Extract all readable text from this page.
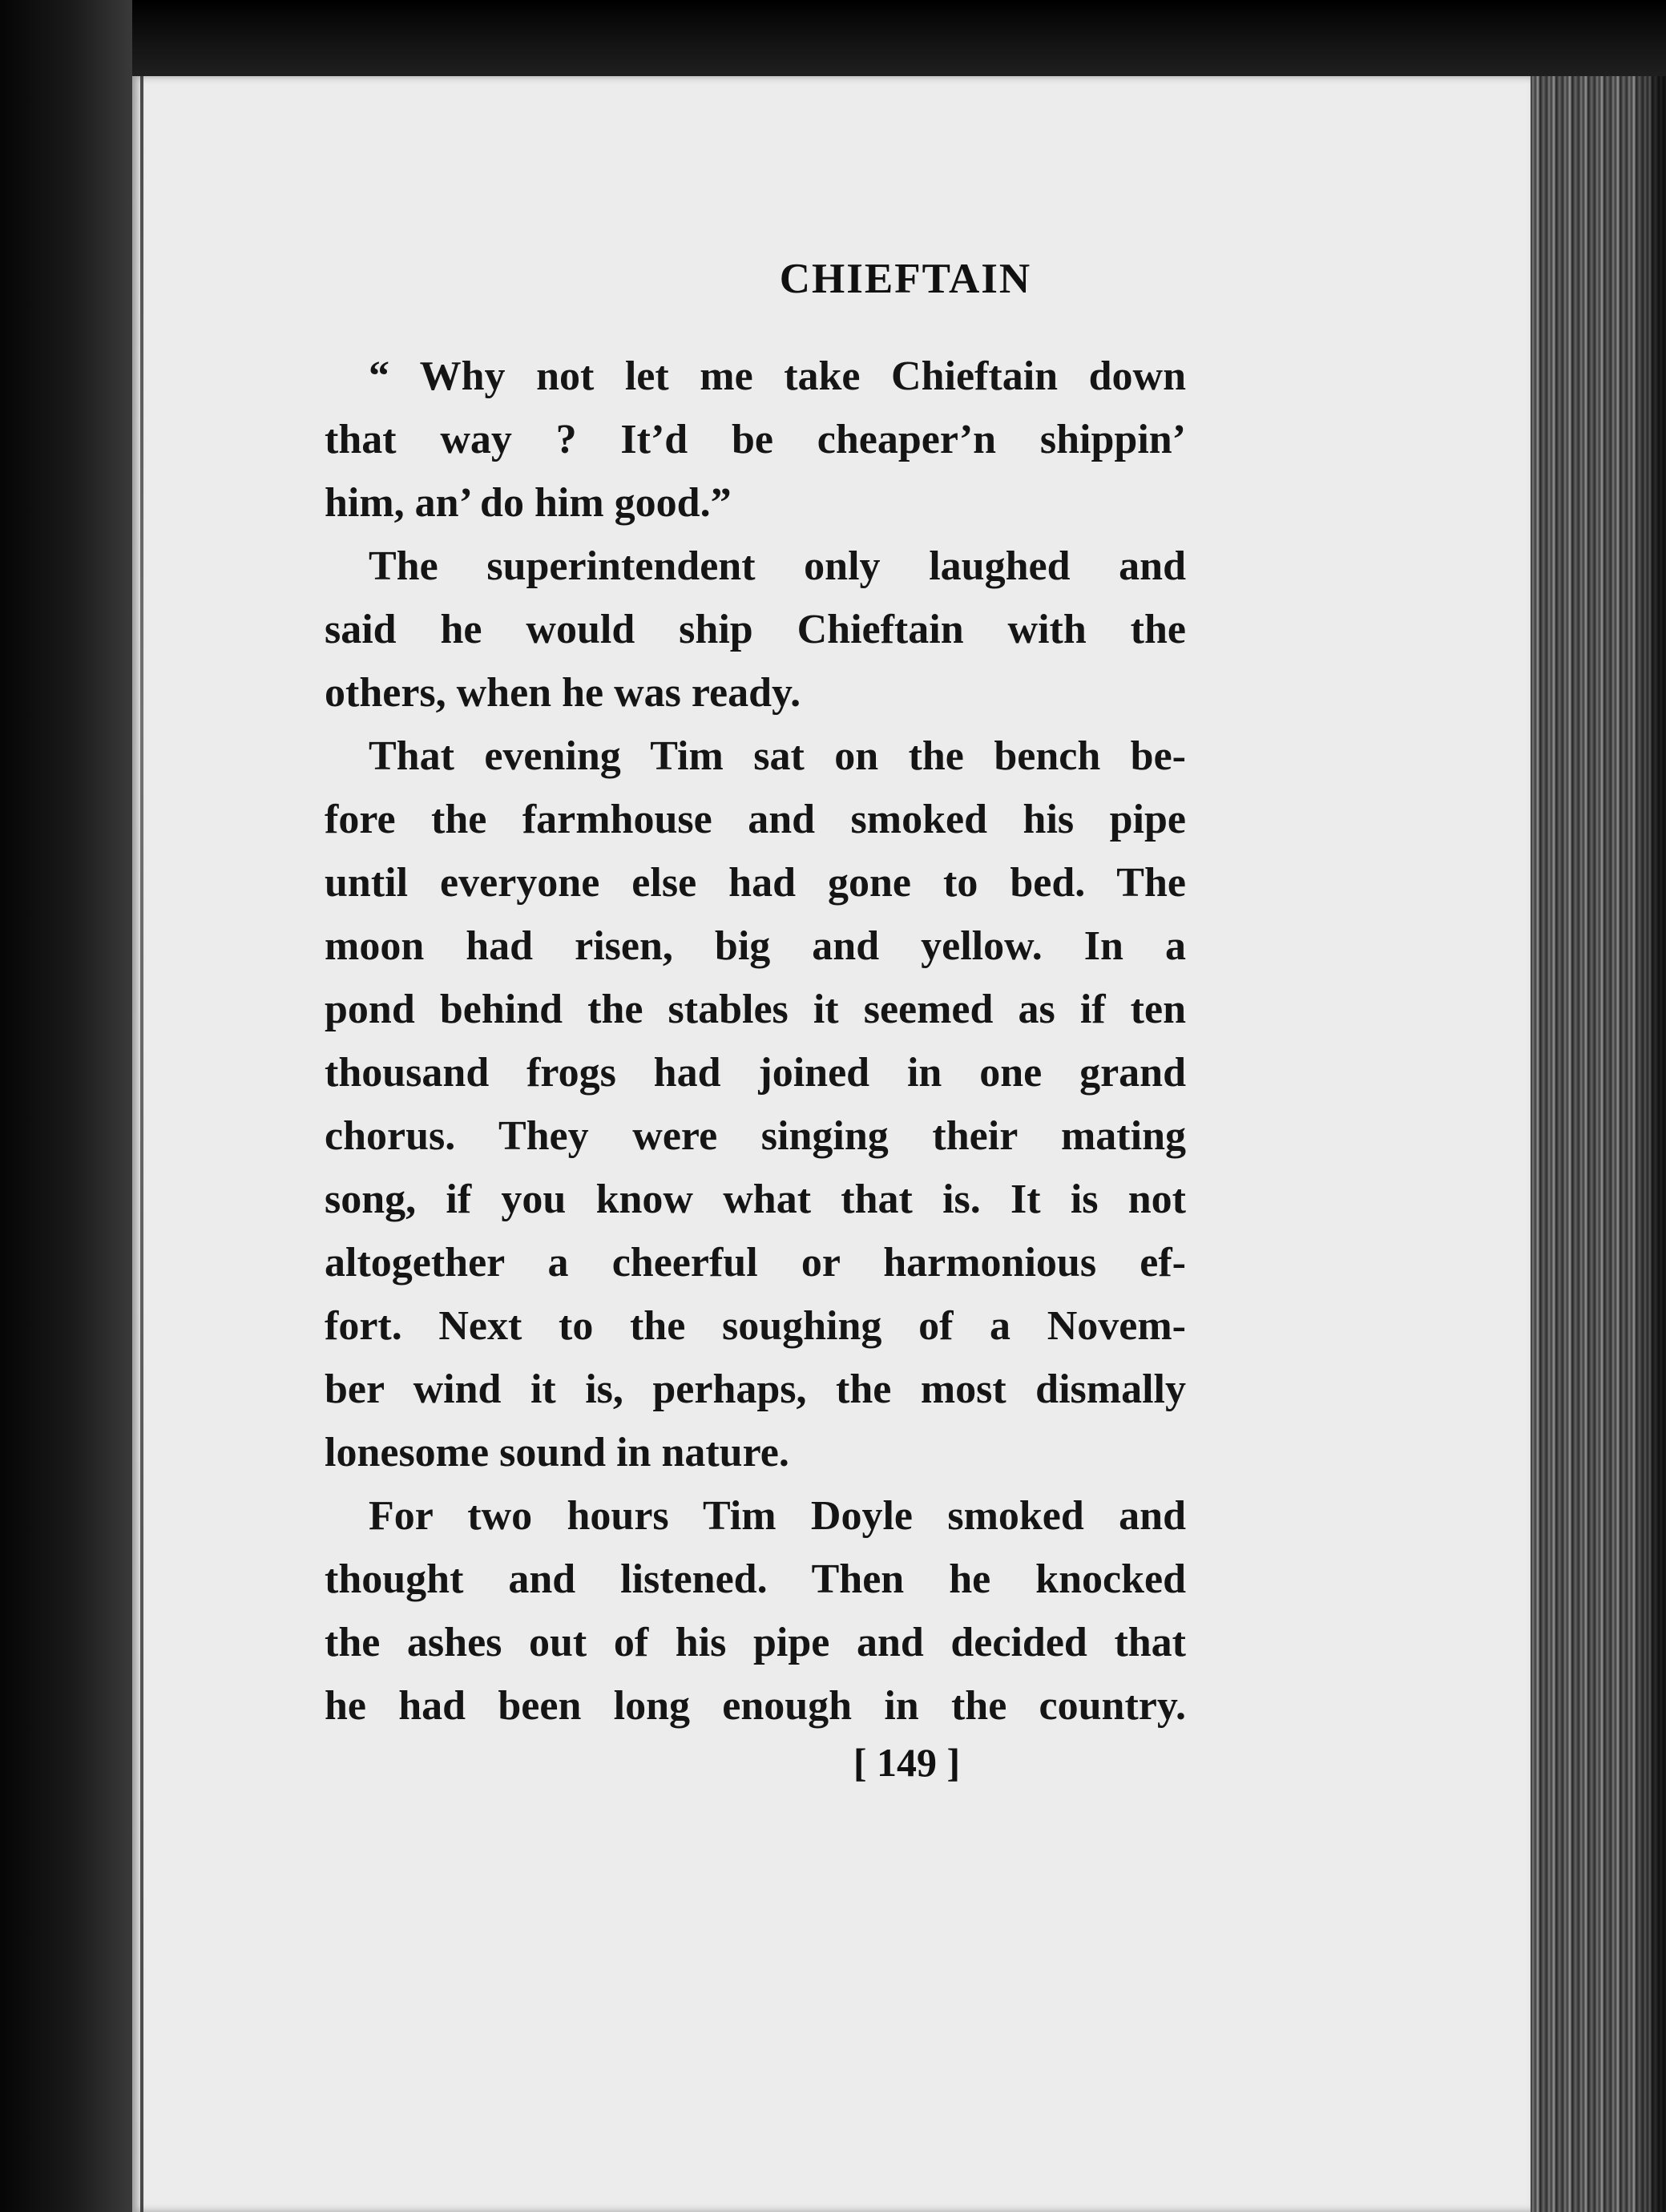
CHIEFTAIN
“ Why not let me take Chieftain down
that way ? It’d be cheaper’n shippin’
him, an’ do him good.”
The superintendent only laughed and
said he would ship Chieftain with the
others, when he was ready.
That evening Tim sat on the bench be-
fore the farmhouse and smoked his pipe
until everyone else had gone to bed. The
moon had risen, big and yellow. In a
pond behind the stables it seemed as if ten
thousand frogs had joined in one grand
chorus. They were singing their mating
song, if you know what that is. It is not
altogether a cheerful or harmonious ef-
fort. Next to the soughing of a Novem-
ber wind it is, perhaps, the most dismally
lonesome sound in nature.
For two hours Tim Doyle smoked and
thought and listened. Then he knocked
the ashes out of his pipe and decided that
he had been long enough in the country.
[ 149 ]
